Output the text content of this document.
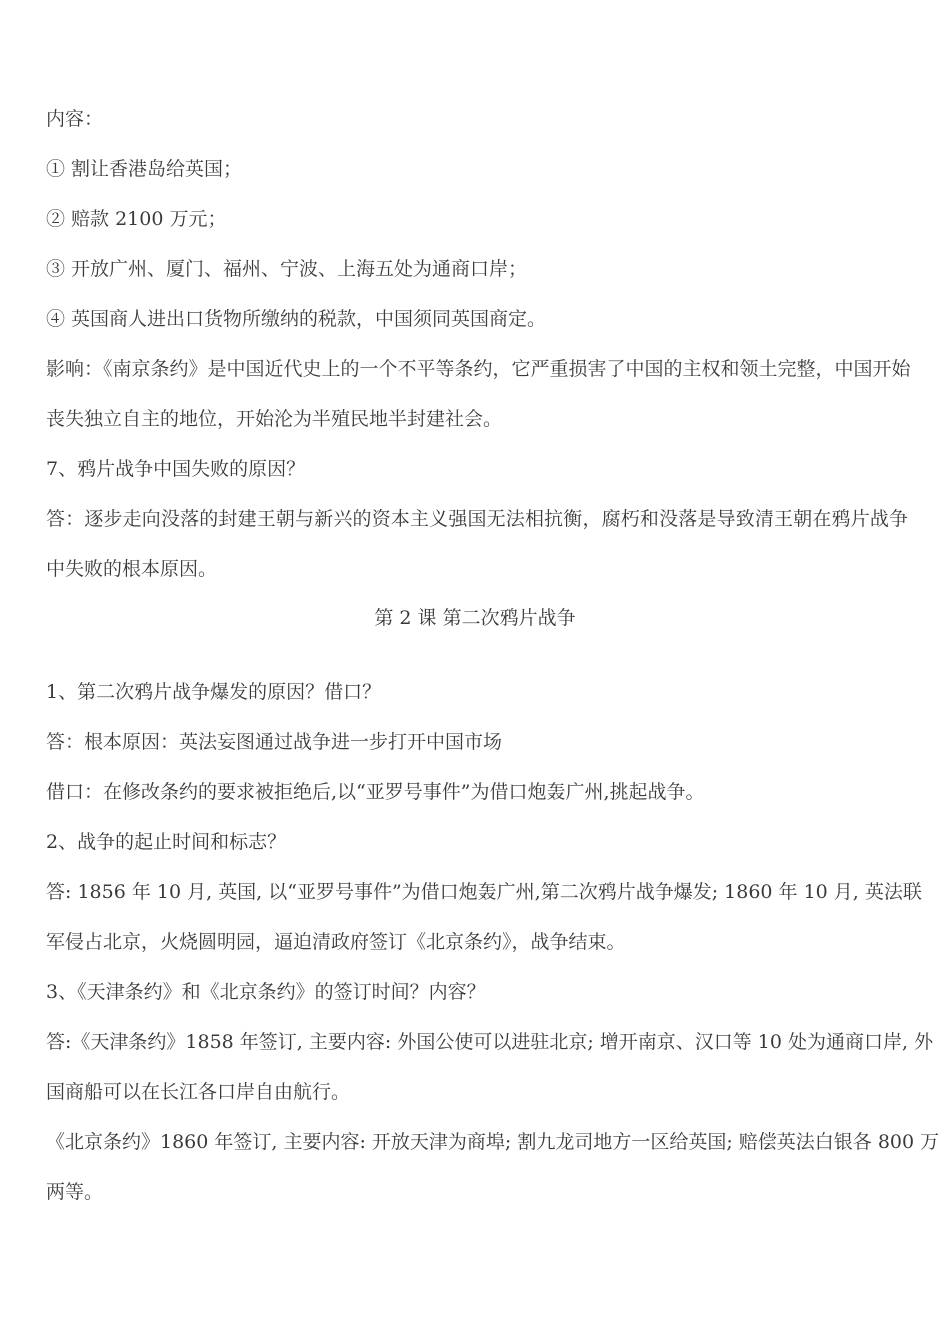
内容：
① 割让香港岛给英国；
② 赔款 2100 万元；
③ 开放广州、厦门、福州、宁波、上海五处为通商口岸；
④ 英国商人进出口货物所缴纳的税款，中国须同英国商定。
影响：《南京条约》是中国近代史上的一个不平等条约，它严重损害了中国的主权和领土完整，中国开始
丧失独立自主的地位，开始沦为半殖民地半封建社会。
7、鸦片战争中国失败的原因？
答：逐步走向没落的封建王朝与新兴的资本主义强国无法相抗衡，腐朽和没落是导致清王朝在鸦片战争
中失败的根本原因。
第 2 课 第二次鸦片战争
1、第二次鸦片战争爆发的原因？借口？
答：根本原因：英法妄图通过战争进一步打开中国市场
借口：在修改条约的要求被拒绝后,以“亚罗号事件”为借口炮轰广州,挑起战争。
2、战争的起止时间和标志？
答: 1856 年 10 月, 英国, 以“亚罗号事件”为借口炮轰广州,第二次鸦片战争爆发; 1860 年 10 月, 英法联
军侵占北京，火烧圆明园，逼迫清政府签订《北京条约》，战争结束。
3、《天津条约》和《北京条约》的签订时间？内容？
答:《天津条约》1858 年签订, 主要内容: 外国公使可以进驻北京; 增开南京、汉口等 10 处为通商口岸, 外
国商船可以在长江各口岸自由航行。
《北京条约》1860 年签订, 主要内容: 开放天津为商埠; 割九龙司地方一区给英国; 赔偿英法白银各 800 万
两等。
